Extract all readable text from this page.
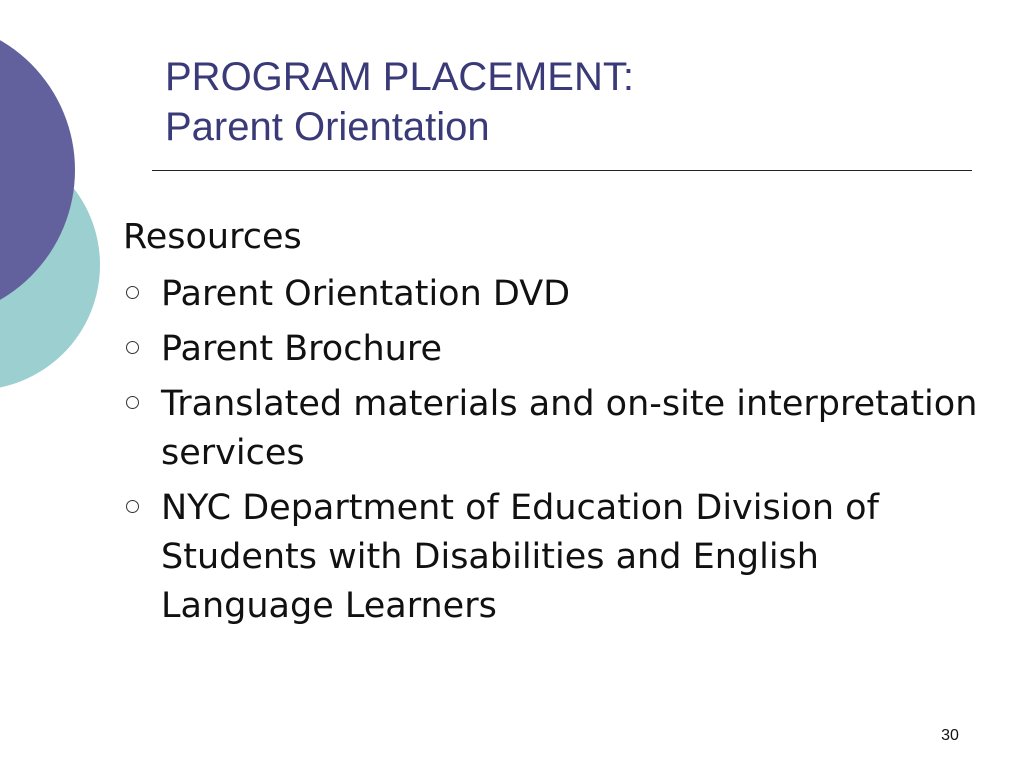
PROGRAM PLACEMENT:
Parent Orientation
Resources
Parent Orientation DVD
Parent Brochure
Translated materials and on-site interpretation services
NYC Department of Education Division of Students with Disabilities and English Language Learners
30
